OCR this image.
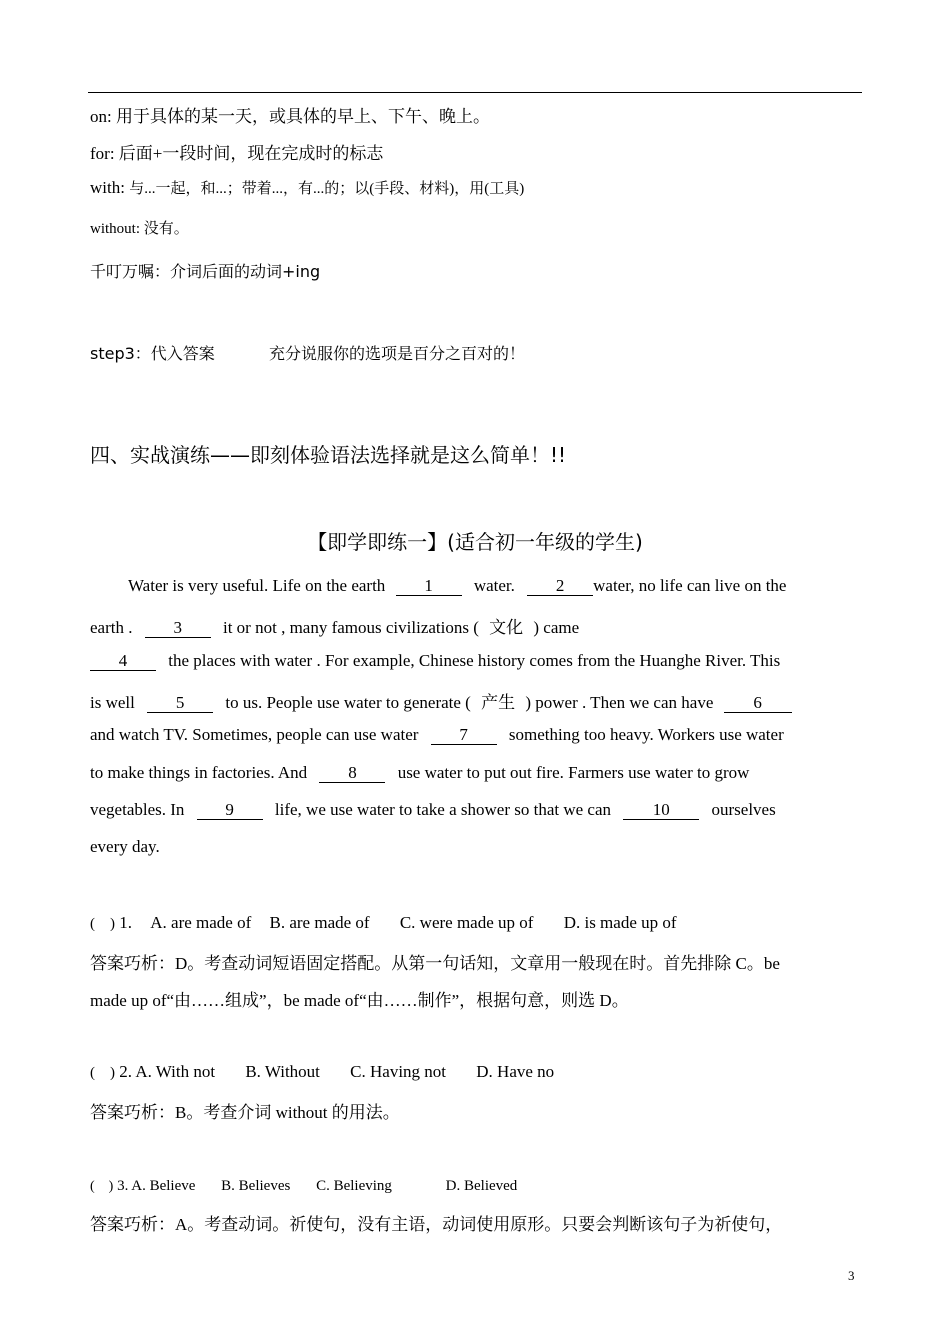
on: 用于具体的某一天，或具体的早上、下午、晚上。
for: 后面+一段时间，现在完成时的标志
with: 与...一起，和...；带着...，有...的；以(手段、材料)，用(工具)
without: 没有。
千叮万嘱：介词后面的动词+ing
step3：代入答案	充分说服你的选项是百分之百对的！
四、实战演练——即刻体验语法选择就是这么简单！!!
【即学即练一】(适合初一年级的学生)
Water is very useful. Life on the earth 1 water. 2 water, no life can live on the
earth . 3 it or not , many famous civilizations ( 文化 ) came
4 the places with water . For example, Chinese history comes from the Huanghe River. This
is well 5 to us. People use water to generate ( 产生 ) power . Then we can have 6
and watch TV. Sometimes, people can use water 7 something too heavy. Workers use water
to make things in factories. And 8 use water to put out fire. Farmers use water to grow
vegetables. In 9 life, we use water to take a shower so that we can 10 ourselves
every day.
(　) 1. A. are made of B. are made of C. were made up of D. is made up of
答案巧析：D。考查动词短语固定搭配。从第一句话知，文章用一般现在时。首先排除 C。be
made up of“由……组成”，be made of“由……制作”，根据句意，则选 D。
(　) 2. A. With not B. Without C. Having not D. Have no
答案巧析：B。考查介词 without 的用法。
(　) 3. A. Believe B. Believes C. Believing	D. Believed
答案巧析：A。考查动词。祈使句，没有主语，动词使用原形。只要会判断该句子为祈使句，
3
